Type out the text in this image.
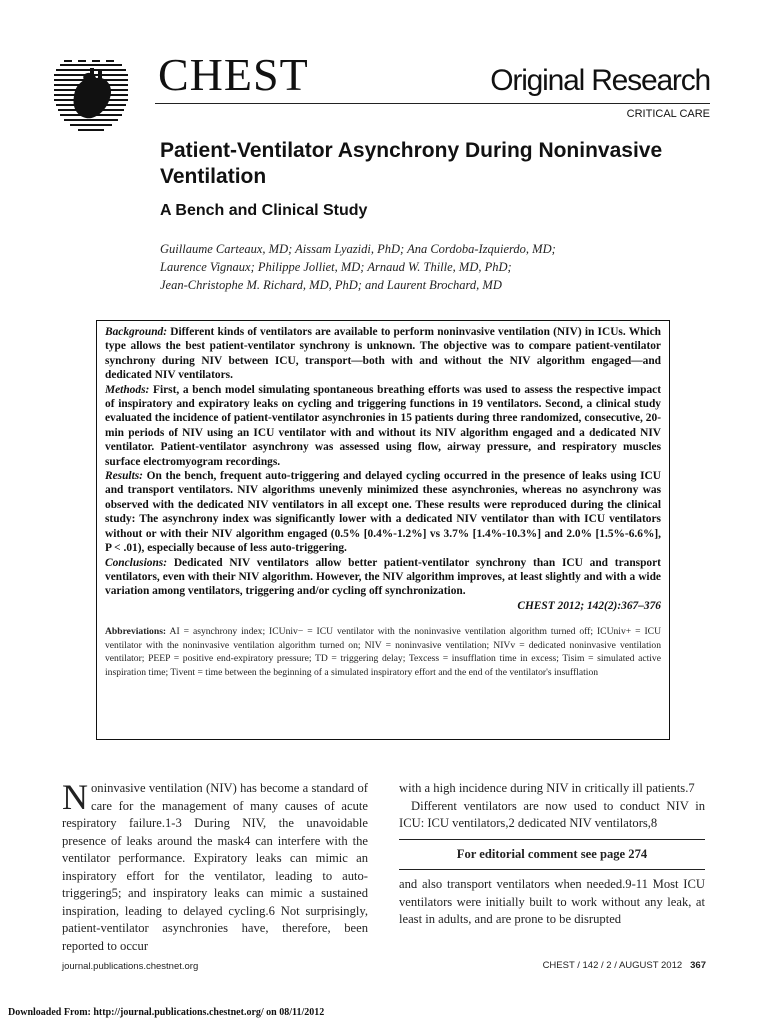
CHEST	Original Research
CRITICAL CARE
Patient-Ventilator Asynchrony During Noninvasive Ventilation
A Bench and Clinical Study
Guillaume Carteaux, MD; Aissam Lyazidi, PhD; Ana Cordoba-Izquierdo, MD;
Laurence Vignaux; Philippe Jolliet, MD; Arnaud W. Thille, MD, PhD;
Jean-Christophe M. Richard, MD, PhD; and Laurent Brochard, MD

Background: Different kinds of ventilators are available to perform noninvasive ventilation (NIV) in ICUs. Which type allows the best patient-ventilator synchrony is unknown. The objective was to compare patient-ventilator synchrony during NIV between ICU, transport—both with and without the NIV algorithm engaged—and dedicated NIV ventilators.

Methods: First, a bench model simulating spontaneous breathing efforts was used to assess the respective impact of inspiratory and expiratory leaks on cycling and triggering functions in 19 ventilators. Second, a clinical study evaluated the incidence of patient-ventilator asynchronies in 15 patients during three randomized, consecutive, 20-min periods of NIV using an ICU ventilator with and without its NIV algorithm engaged and a dedicated NIV ventilator. Patient-ventilator asynchrony was assessed using flow, airway pressure, and respiratory muscles surface electromyogram recordings.

Results: On the bench, frequent auto-triggering and delayed cycling occurred in the presence of leaks using ICU and transport ventilators. NIV algorithms unevenly minimized these asynchronies, whereas no asynchrony was observed with the dedicated NIV ventilators in all except one. These results were reproduced during the clinical study: The asynchrony index was significantly lower with a dedicated NIV ventilator than with ICU ventilators without or with their NIV algorithm engaged (0.5% [0.4%-1.2%] vs 3.7% [1.4%-10.3%] and 2.0% [1.5%-6.6%], P < .01), especially because of less auto-triggering.

Conclusions: Dedicated NIV ventilators allow better patient-ventilator synchrony than ICU and transport ventilators, even with their NIV algorithm. However, the NIV algorithm improves, at least slightly and with a wide variation among ventilators, triggering and/or cycling off synchronization.

CHEST 2012; 142(2):367–376

Abbreviations: AI = asynchrony index; ICUniv− = ICU ventilator with the noninvasive ventilation algorithm turned off; ICUniv+ = ICU ventilator with the noninvasive ventilation algorithm turned on; NIV = noninvasive ventilation; NIVv = dedicated noninvasive ventilation ventilator; PEEP = positive end-expiratory pressure; TD = triggering delay; Texcess = insufflation time in excess; Tisim = simulated active inspiration time; Tivent = time between the beginning of a simulated inspiratory effort and the end of the ventilator's insufflation

Noninvasive ventilation (NIV) has become a standard of care for the management of many causes of acute respiratory failure.1-3 During NIV, the unavoidable presence of leaks around the mask4 can interfere with the ventilator performance. Expiratory leaks can mimic an inspiratory effort for the ventilator, leading to auto-triggering5; and inspiratory leaks can mimic a sustained inspiration, leading to delayed cycling.6 Not surprisingly, patient-ventilator asynchronies have, therefore, been reported to occur

with a high incidence during NIV in critically ill patients.7

Different ventilators are now used to conduct NIV in ICU: ICU ventilators,2 dedicated NIV ventilators,8

For editorial comment see page 274

and also transport ventilators when needed.9-11 Most ICU ventilators were initially built to work without any leak, at least in adults, and are prone to be disrupted

journal.publications.chestnet.org	CHEST / 142 / 2 / AUGUST 2012 367
Downloaded From: http://journal.publications.chestnet.org/ on 08/11/2012
